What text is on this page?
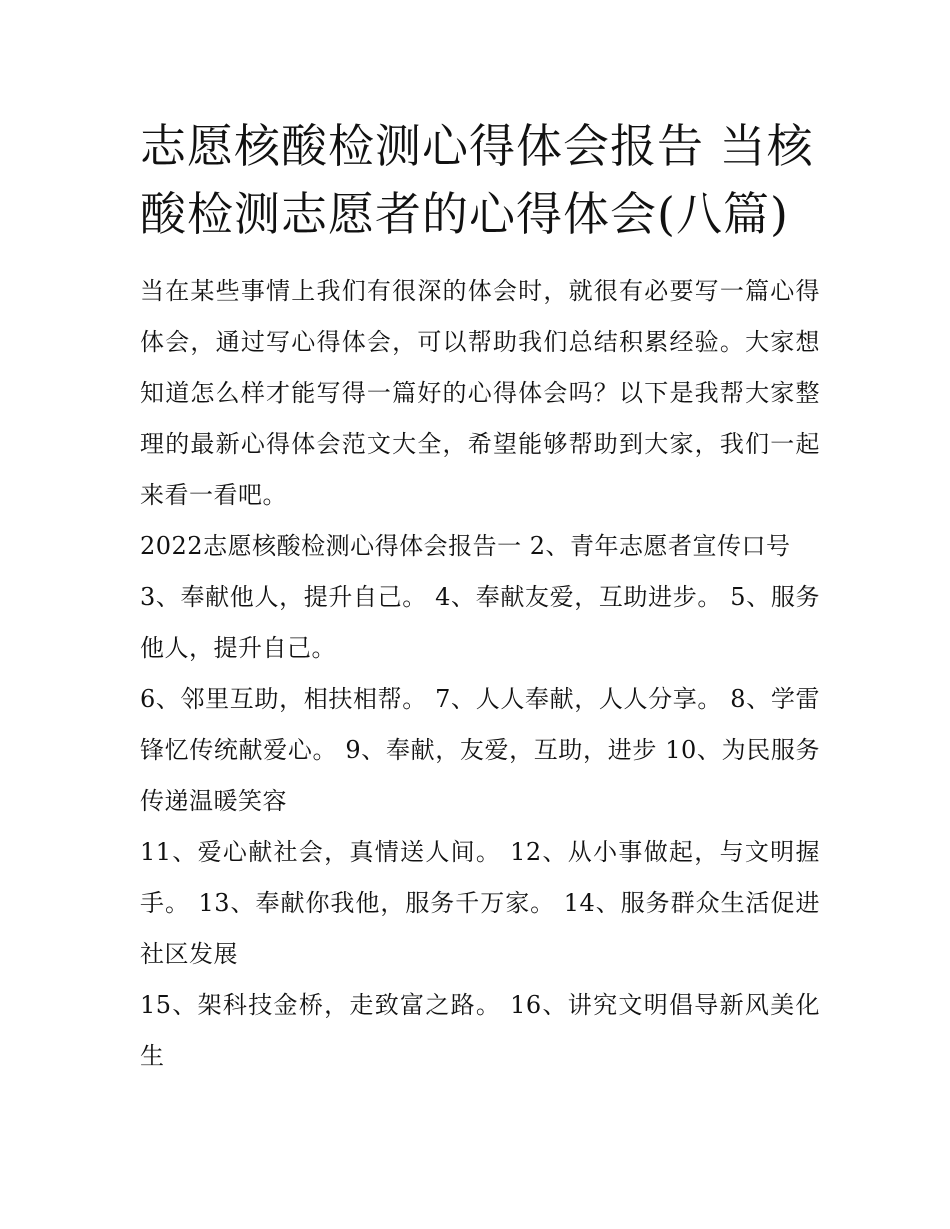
志愿核酸检测心得体会报告 当核酸检测志愿者的心得体会(八篇)

当在某些事情上我们有很深的体会时，就很有必要写一篇心得体会，通过写心得体会，可以帮助我们总结积累经验。大家想知道怎么样才能写得一篇好的心得体会吗？以下是我帮大家整理的最新心得体会范文大全，希望能够帮助到大家，我们一起来看一看吧。

2022志愿核酸检测心得体会报告一 2、青年志愿者宣传口号

3、奉献他人，提升自己。 4、奉献友爱，互助进步。 5、服务他人，提升自己。

6、邻里互助，相扶相帮。 7、人人奉献，人人分享。 8、学雷锋忆传统献爱心。 9、奉献，友爱，互助，进步 10、为民服务传递温暖笑容

11、爱心献社会，真情送人间。 12、从小事做起，与文明握手。 13、奉献你我他，服务千万家。 14、服务群众生活促进社区发展

15、架科技金桥，走致富之路。 16、讲究文明倡导新风美化生
